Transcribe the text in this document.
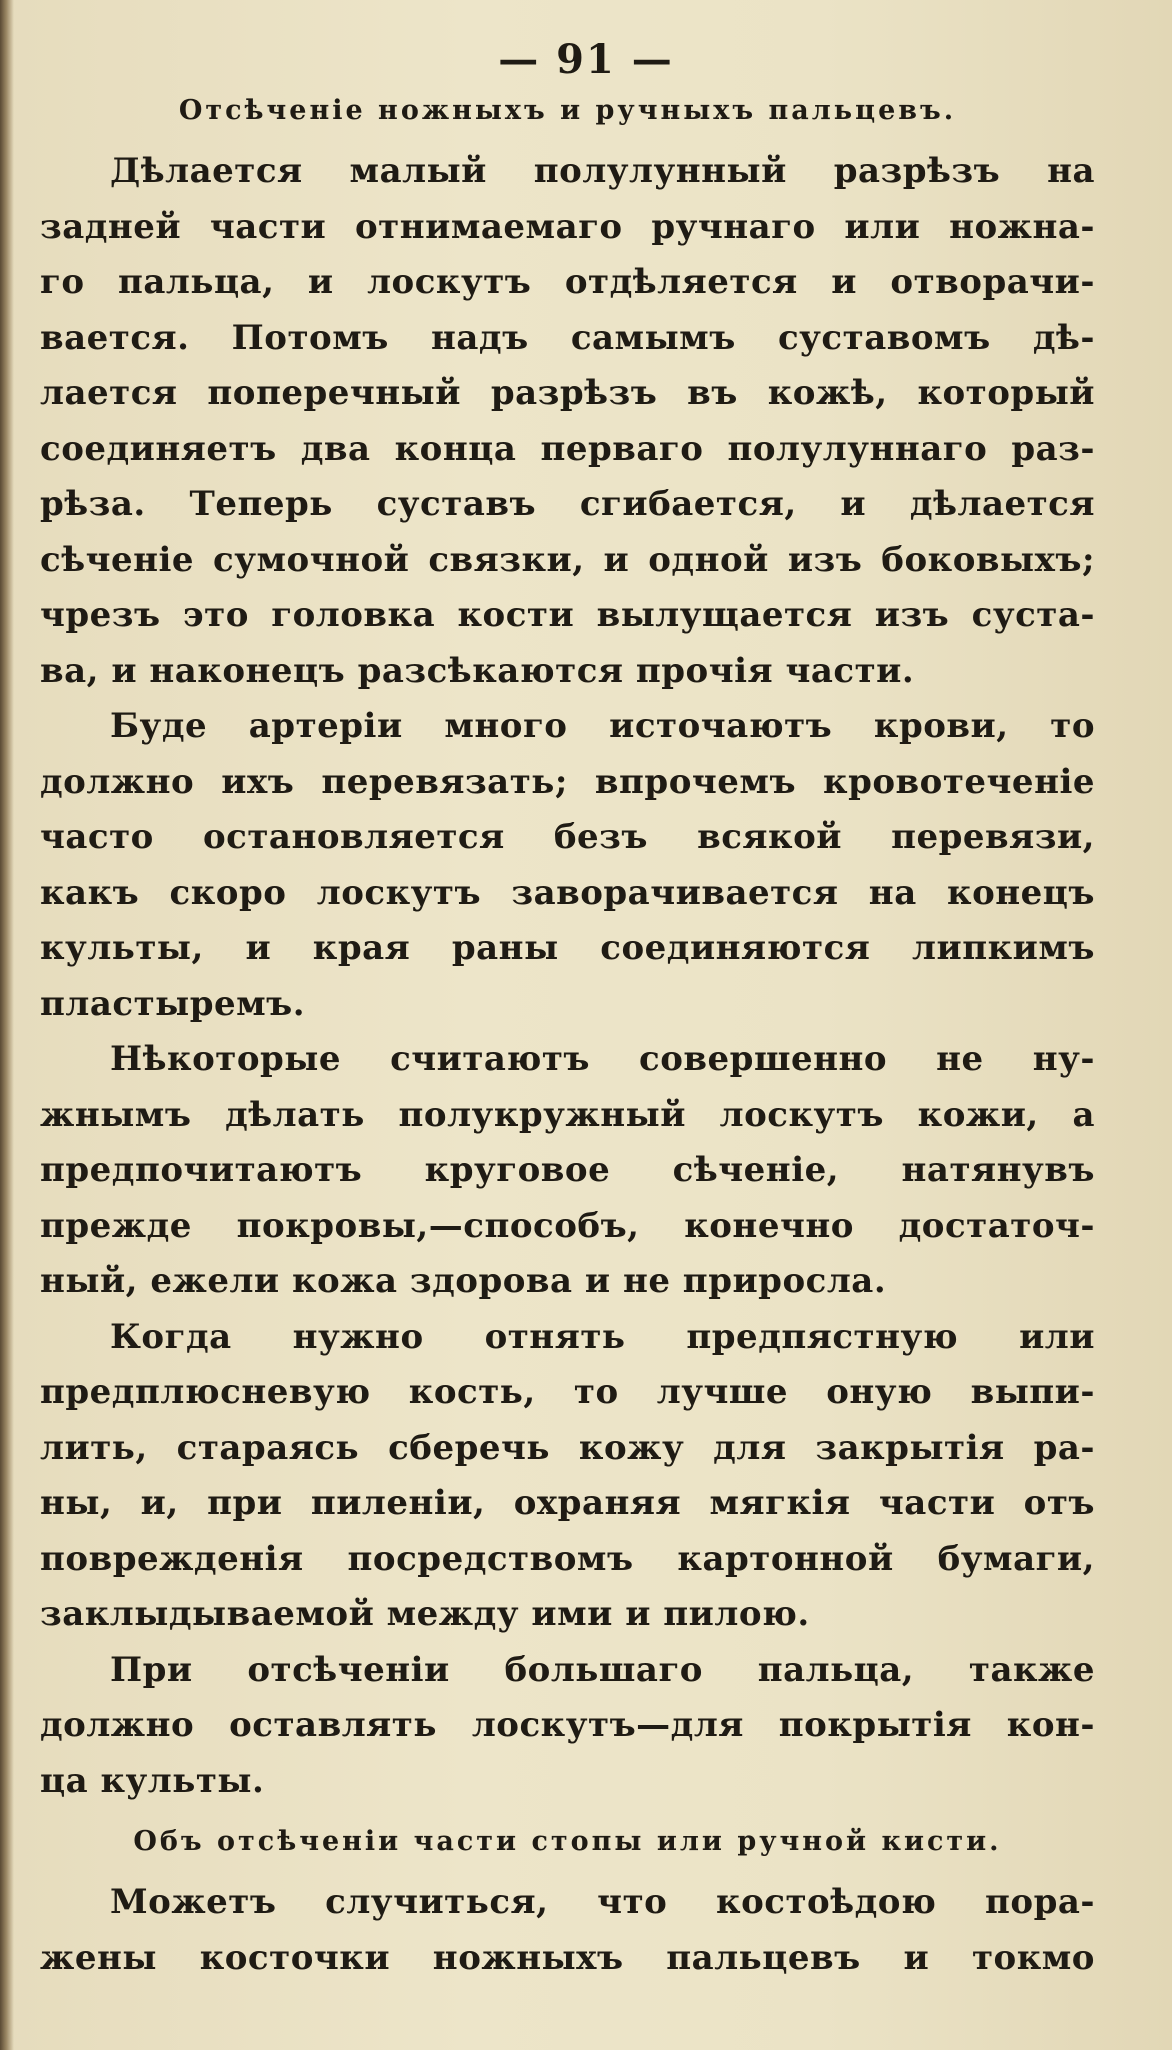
— 91 —
Отсѣченіе ножныхъ и ручныхъ пальцевъ.

Дѣлается малый полулунный разрѣзъ на
задней части отнимаемаго ручнаго или ножна-
го пальца, и лоскутъ отдѣляется и отворачи-
вается. Потомъ надъ самымъ суставомъ дѣ-
лается поперечный разрѣзъ въ кожѣ, который
соединяетъ два конца перваго полулуннаго раз-
рѣза. Теперь суставъ сгибается, и дѣлается
сѣченіе сумочной связки, и одной изъ боковыхъ;
чрезъ это головка кости вылущается изъ суста-
ва, и наконецъ разсѣкаются прочія части.

Буде артеріи много источаютъ крови, то
должно ихъ перевязать; впрочемъ кровотеченіе
часто остановляется безъ всякой перевязи,
какъ скоро лоскутъ заворачивается на конецъ
культы, и края раны соединяются липкимъ
пластыремъ.

Нѣкоторые считаютъ совершенно не ну-
жнымъ дѣлать полукружный лоскутъ кожи, а
предпочитаютъ круговое сѣченіе, натянувъ
прежде покровы,—способъ, конечно достаточ-
ный, ежели кожа здорова и не приросла.

Когда нужно отнять предпястную или
предплюсневую кость, то лучше оную выпи-
лить, стараясь сберечь кожу для закрытія ра-
ны, и, при пиленіи, охраняя мягкія части отъ
поврежденія посредствомъ картонной бумаги,
заклыдываемой между ими и пилою.

При отсѣченіи большаго пальца, также
должно оставлять лоскутъ—для покрытія кон-
ца культы.

Объ отсѣченіи части стопы или ручной кисти.

Можетъ случиться, что костоѣдою пора-
жены косточки ножныхъ пальцевъ и токмо
